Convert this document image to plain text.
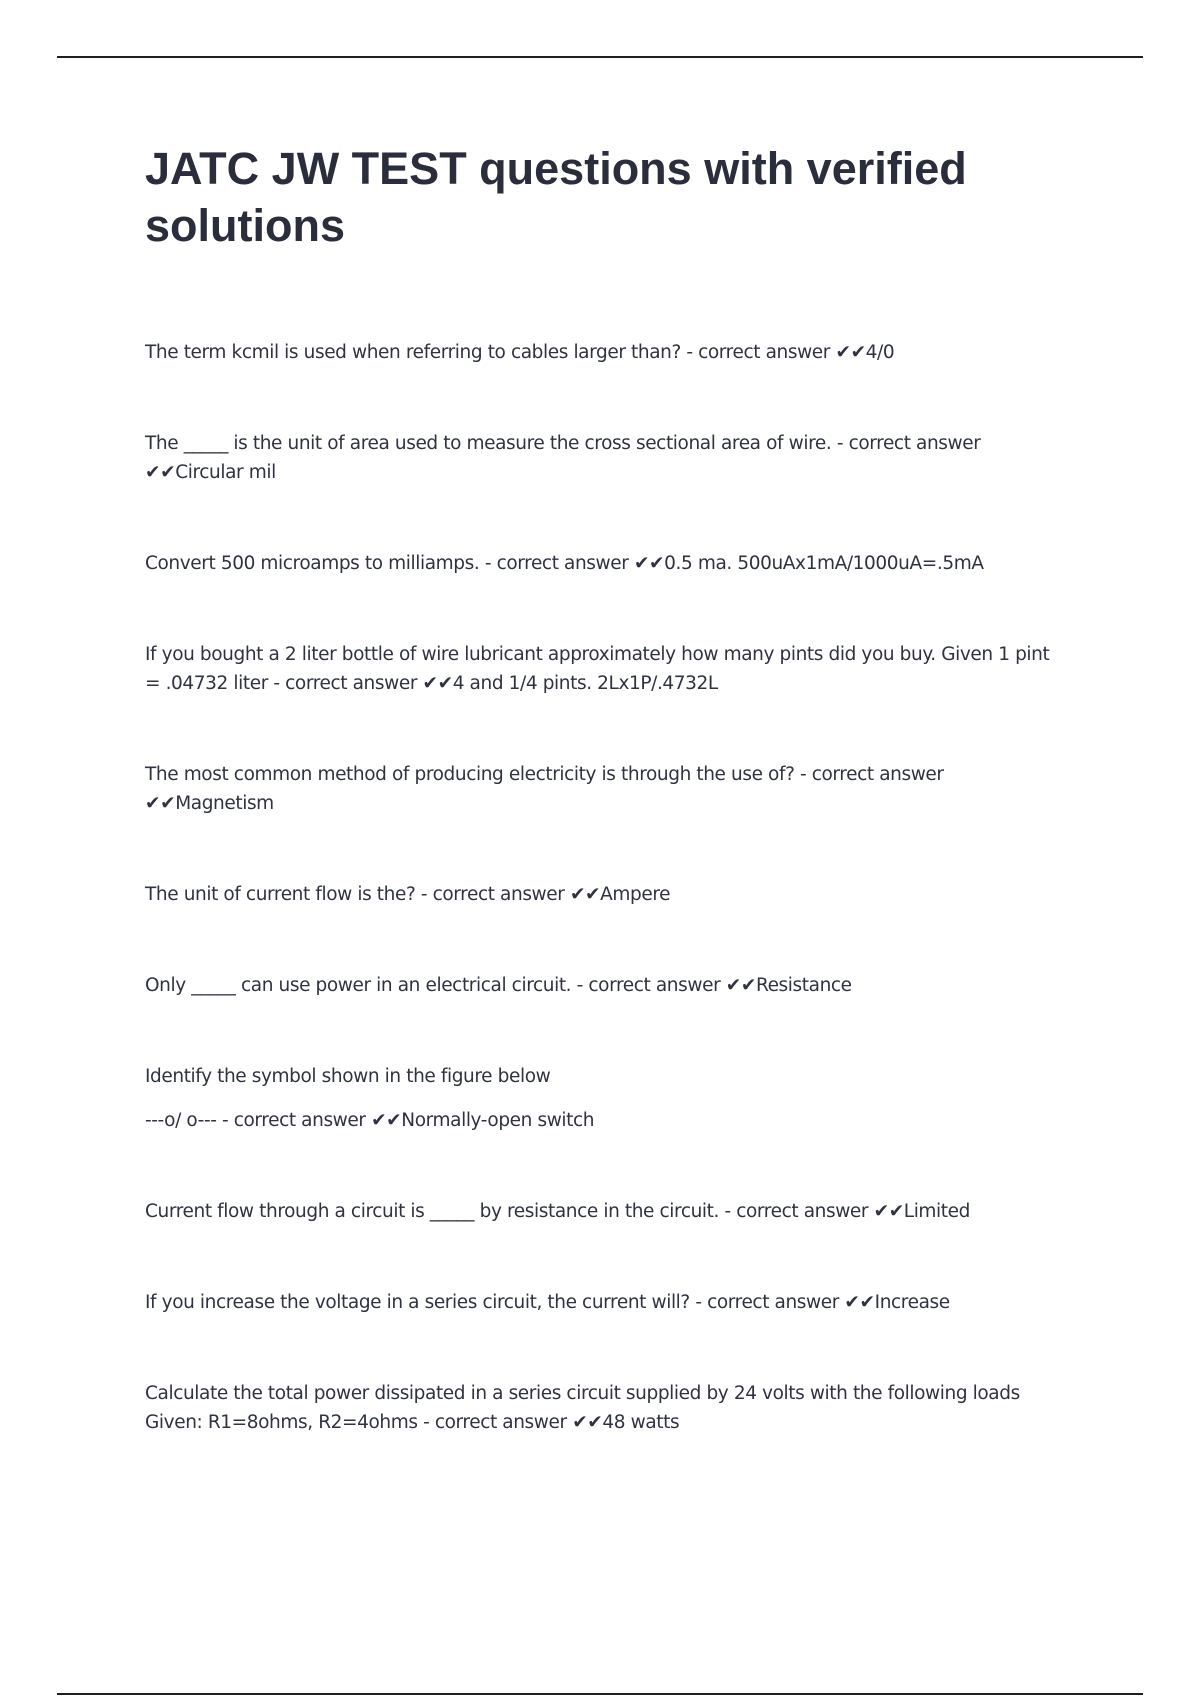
JATC JW TEST questions with verified solutions

The term kcmil is used when referring to cables larger than? - correct answer ✔✔4/0

The _____ is the unit of area used to measure the cross sectional area of wire. - correct answer ✔✔Circular mil

Convert 500 microamps to milliamps. - correct answer ✔✔0.5 ma. 500uAx1mA/1000uA=.5mA

If you bought a 2 liter bottle of wire lubricant approximately how many pints did you buy. Given 1 pint = .04732 liter - correct answer ✔✔4 and 1/4 pints. 2Lx1P/.4732L

The most common method of producing electricity is through the use of? - correct answer ✔✔Magnetism

The unit of current flow is the? - correct answer ✔✔Ampere

Only _____ can use power in an electrical circuit. - correct answer ✔✔Resistance

Identify the symbol shown in the figure below

---o/ o--- - correct answer ✔✔Normally-open switch

Current flow through a circuit is _____ by resistance in the circuit. - correct answer ✔✔Limited

If you increase the voltage in a series circuit, the current will? - correct answer ✔✔Increase

Calculate the total power dissipated in a series circuit supplied by 24 volts with the following loads Given: R1=8ohms, R2=4ohms - correct answer ✔✔48 watts
